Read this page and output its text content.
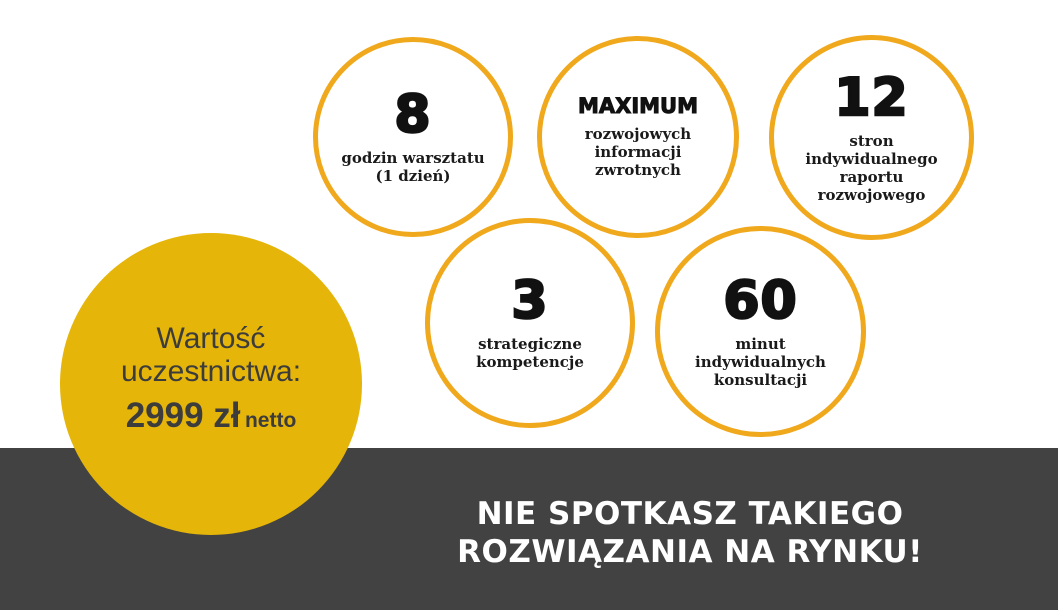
8
godzin warsztatu
(1 dzień)
MAXIMUM
rozwojowych
informacji
zwrotnych
12
stron
indywidualnego
raportu
rozwojowego
3
strategiczne
kompetencje
60
minut
indywidualnych
konsultacji
Wartość
uczestnictwa:
2999 zł netto
NIE SPOTKASZ TAKIEGO
ROZWIĄZANIA NA RYNKU!
